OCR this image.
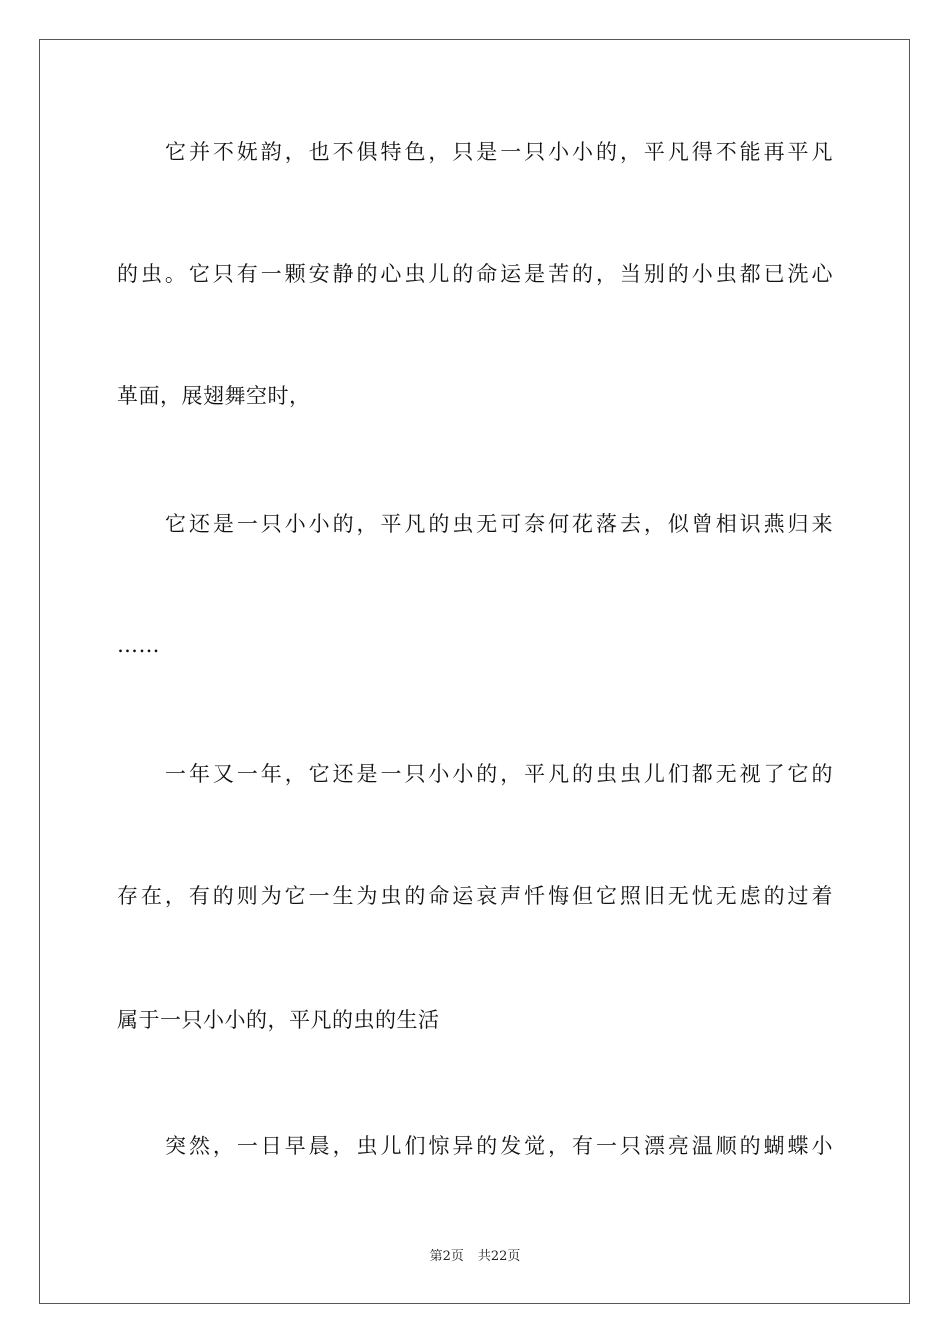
它并不妩韵，也不俱特色，只是一只小小的，平凡得不能再平凡
的虫。它只有一颗安静的心虫儿的命运是苦的，当别的小虫都已洗心
革面，展翅舞空时，
它还是一只小小的，平凡的虫无可奈何花落去，似曾相识燕归来
……
一年又一年，它还是一只小小的，平凡的虫虫儿们都无视了它的
存在，有的则为它一生为虫的命运哀声忏悔但它照旧无忧无虑的过着
属于一只小小的，平凡的虫的生活
突然，一日早晨，虫儿们惊异的发觉，有一只漂亮温顺的蝴蝶小
第2页 共22页
